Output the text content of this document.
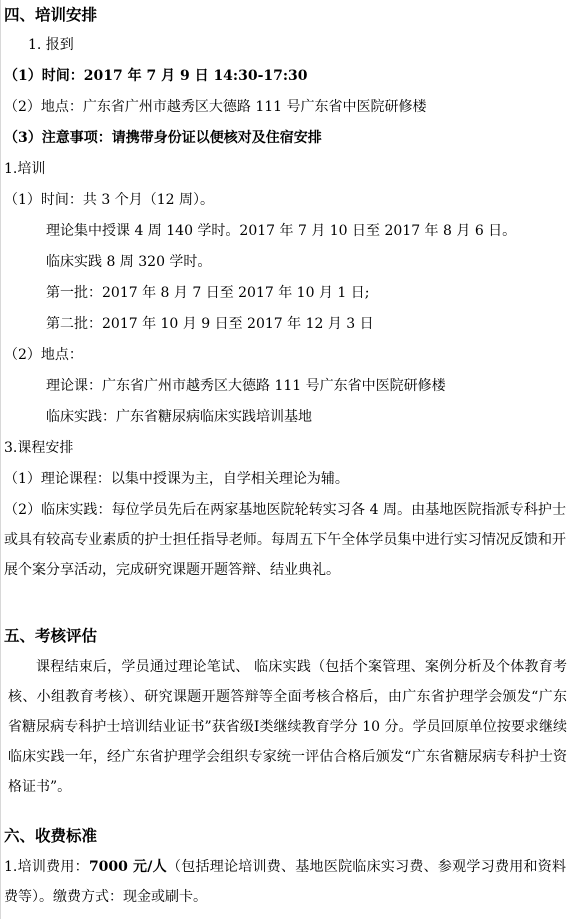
四、培训安排
1. 报到
（1）时间：2017 年 7 月 9 日 14:30-17:30
（2）地点：广东省广州市越秀区大德路 111 号广东省中医院研修楼
（3）注意事项：请携带身份证以便核对及住宿安排
1.培训
（1）时间：共 3 个月（12 周）。
理论集中授课 4 周 140 学时。2017 年 7 月 10 日至 2017 年 8 月 6 日。
临床实践 8 周 320 学时。
第一批：2017 年 8 月 7 日至 2017 年 10 月 1 日;
第二批：2017 年 10 月 9 日至 2017 年 12 月 3 日
（2）地点：
理论课：广东省广州市越秀区大德路 111 号广东省中医院研修楼
临床实践：广东省糖尿病临床实践培训基地
3.课程安排
（1）理论课程：以集中授课为主，自学相关理论为辅。
（2）临床实践：每位学员先后在两家基地医院轮转实习各 4 周。由基地医院指派专科护士或具有较高专业素质的护士担任指导老师。每周五下午全体学员集中进行实习情况反馈和开展个案分享活动，完成研究课题开题答辩、结业典礼。
五、考核评估
课程结束后，学员通过理论笔试、 临床实践（包括个案管理、案例分析及个体教育考核、小组教育考核）、研究课题开题答辩等全面考核合格后，由广东省护理学会颁发“广东省糖尿病专科护士培训结业证书”获省级Ⅰ类继续教育学分 10 分。学员回原单位按要求继续临床实践一年，经广东省护理学会组织专家统一评估合格后颁发“广东省糖尿病专科护士资格证书”。
六、收费标准
1.培训费用：7000 元/人（包括理论培训费、基地医院临床实习费、参观学习费用和资料费等）。缴费方式：现金或刷卡。
